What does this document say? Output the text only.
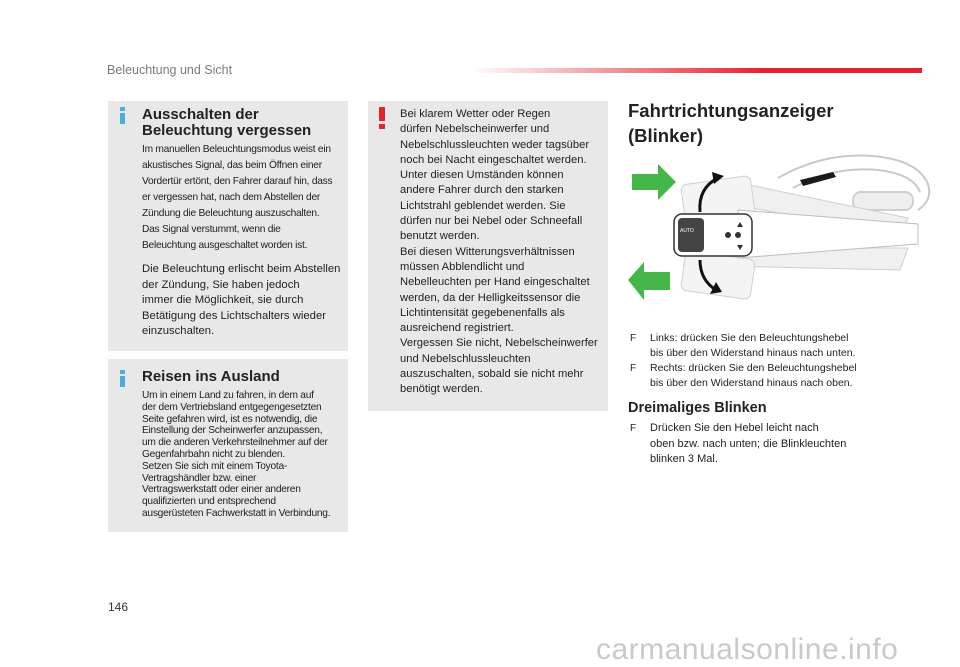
Beleuchtung und Sicht
Ausschalten der
Beleuchtung vergessen

Im manuellen Beleuchtungsmodus weist ein

akustisches Signal, das beim Öffnen einer

Vordertür ertönt, den Fahrer darauf hin, dass

er vergessen hat, nach dem Abstellen der

Zündung die Beleuchtung auszuschalten.

Das Signal verstummt, wenn die

Beleuchtung ausgeschaltet worden ist.

Die Beleuchtung erlischt beim Abstellen

der Zündung, Sie haben jedoch

immer die Möglichkeit, sie durch

Betätigung des Lichtschalters wieder

einzuschalten.

Reisen ins Ausland

Um in einem Land zu fahren, in dem auf

der dem Vertriebsland entgegengesetzten

Seite gefahren wird, ist es notwendig, die

Einstellung der Scheinwerfer anzupassen,

um die anderen Verkehrsteilnehmer auf der

Gegenfahrbahn nicht zu blenden.

Setzen Sie sich mit einem Toyota-

Vertragshändler bzw. einer

Vertragswerkstatt oder einer anderen

qualifizierten und entsprechend

ausgerüsteten Fachwerkstatt in Verbindung.

Bei klarem Wetter oder Regen

dürfen Nebelscheinwerfer und

Nebelschlussleuchten weder tagsüber

noch bei Nacht eingeschaltet werden.

Unter diesen Umständen können

andere Fahrer durch den starken

Lichtstrahl geblendet werden. Sie

dürfen nur bei Nebel oder Schneefall

benutzt werden.

Bei diesen Witterungsverhältnissen

müssen Abblendlicht und

Nebelleuchten per Hand eingeschaltet

werden, da der Helligkeitssensor die

Lichtintensität gegebenenfalls als

ausreichend registriert.

Vergessen Sie nicht, Nebelscheinwerfer

und Nebelschlussleuchten

auszuschalten, sobald sie nicht mehr

benötigt werden.

Fahrtrichtungsanzeiger
(Blinker)
AUTO
F Links: drücken Sie den Beleuchtungshebel
bis über den Widerstand hinaus nach unten.
F Rechts: drücken Sie den Beleuchtungshebel
bis über den Widerstand hinaus nach oben.
Dreimaliges Blinken
F Drücken Sie den Hebel leicht nach
oben bzw. nach unten; die Blinkleuchten
blinken 3 Mal.
146
carmanualsonline.info
